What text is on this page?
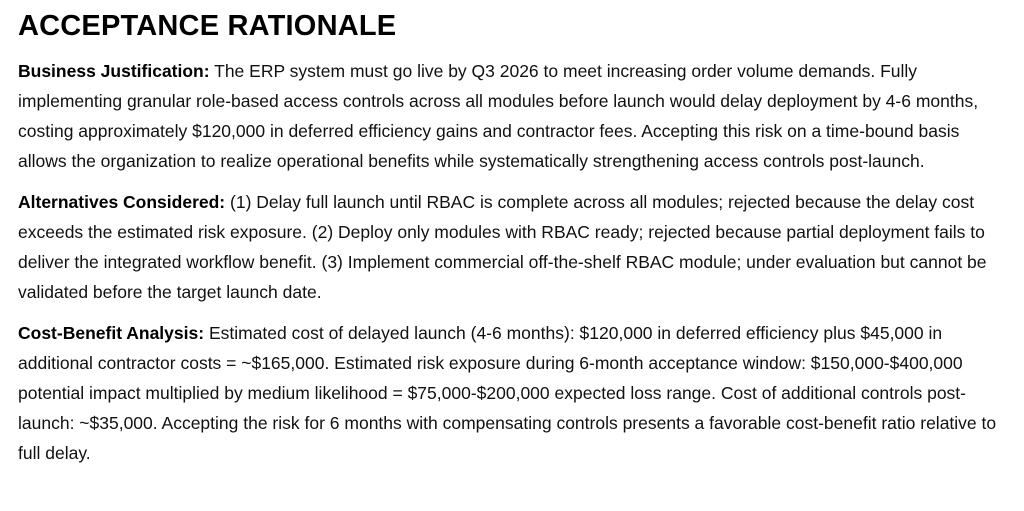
ACCEPTANCE RATIONALE

Business Justification: The ERP system must go live by Q3 2026 to meet increasing order volume demands. Fully implementing granular role-based access controls across all modules before launch would delay deployment by 4-6 months, costing approximately $120,000 in deferred efficiency gains and contractor fees. Accepting this risk on a time-bound basis allows the organization to realize operational benefits while systematically strengthening access controls post-launch.

Alternatives Considered: (1) Delay full launch until RBAC is complete across all modules; rejected because the delay cost exceeds the estimated risk exposure. (2) Deploy only modules with RBAC ready; rejected because partial deployment fails to deliver the integrated workflow benefit. (3) Implement commercial off-the-shelf RBAC module; under evaluation but cannot be validated before the target launch date.

Cost-Benefit Analysis: Estimated cost of delayed launch (4-6 months): $120,000 in deferred efficiency plus $45,000 in additional contractor costs = ~$165,000. Estimated risk exposure during 6-month acceptance window: $150,000-$400,000 potential impact multiplied by medium likelihood = $75,000-$200,000 expected loss range. Cost of additional controls post-launch: ~$35,000. Accepting the risk for 6 months with compensating controls presents a favorable cost-benefit ratio relative to full delay.
